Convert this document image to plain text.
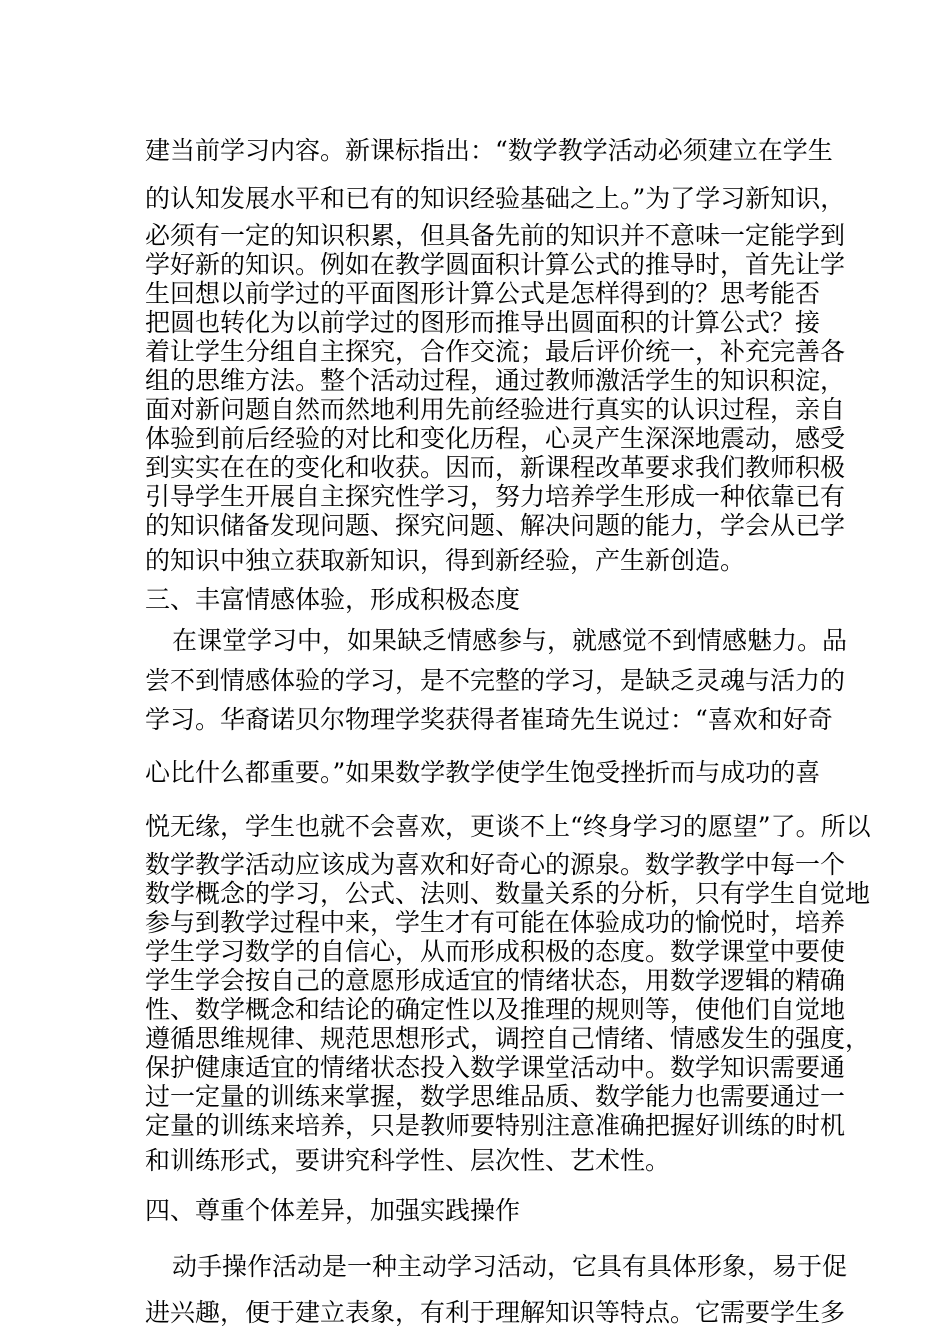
建当前学习内容。新课标指出：“数学教学活动必须建立在学生

的认知发展水平和已有的知识经验基础之上。”为了学习新知识，

必须有一定的知识积累，但具备先前的知识并不意味一定能学到

学好新的知识。例如在教学圆面积计算公式的推导时，首先让学

生回想以前学过的平面图形计算公式是怎样得到的？思考能否

把圆也转化为以前学过的图形而推导出圆面积的计算公式？接

着让学生分组自主探究，合作交流；最后评价统一，补充完善各

组的思维方法。整个活动过程，通过教师激活学生的知识积淀，

面对新问题自然而然地利用先前经验进行真实的认识过程，亲自

体验到前后经验的对比和变化历程，心灵产生深深地震动，感受

到实实在在的变化和收获。因而，新课程改革要求我们教师积极

引导学生开展自主探究性学习，努力培养学生形成一种依靠已有

的知识储备发现问题、探究问题、解决问题的能力，学会从已学

的知识中独立获取新知识，得到新经验，产生新创造。

三、丰富情感体验，形成积极态度

在课堂学习中，如果缺乏情感参与，就感觉不到情感魅力。品

尝不到情感体验的学习，是不完整的学习，是缺乏灵魂与活力的

学习。华裔诺贝尔物理学奖获得者崔琦先生说过：“喜欢和好奇

心比什么都重要。”如果数学教学使学生饱受挫折而与成功的喜

悦无缘，学生也就不会喜欢，更谈不上“终身学习的愿望”了。所以

数学教学活动应该成为喜欢和好奇心的源泉。数学教学中每一个

数学概念的学习，公式、法则、数量关系的分析，只有学生自觉地

参与到教学过程中来，学生才有可能在体验成功的愉悦时，培养

学生学习数学的自信心，从而形成积极的态度。数学课堂中要使

学生学会按自己的意愿形成适宜的情绪状态，用数学逻辑的精确

性、数学概念和结论的确定性以及推理的规则等，使他们自觉地

遵循思维规律、规范思想形式，调控自己情绪、情感发生的强度，

保护健康适宜的情绪状态投入数学课堂活动中。数学知识需要通

过一定量的训练来掌握，数学思维品质、数学能力也需要通过一

定量的训练来培养，只是教师要特别注意准确把握好训练的时机

和训练形式，要讲究科学性、层次性、艺术性。

四、尊重个体差异，加强实践操作

动手操作活动是一种主动学习活动，它具有具体形象，易于促

进兴趣，便于建立表象，有利于理解知识等特点。它需要学生多
